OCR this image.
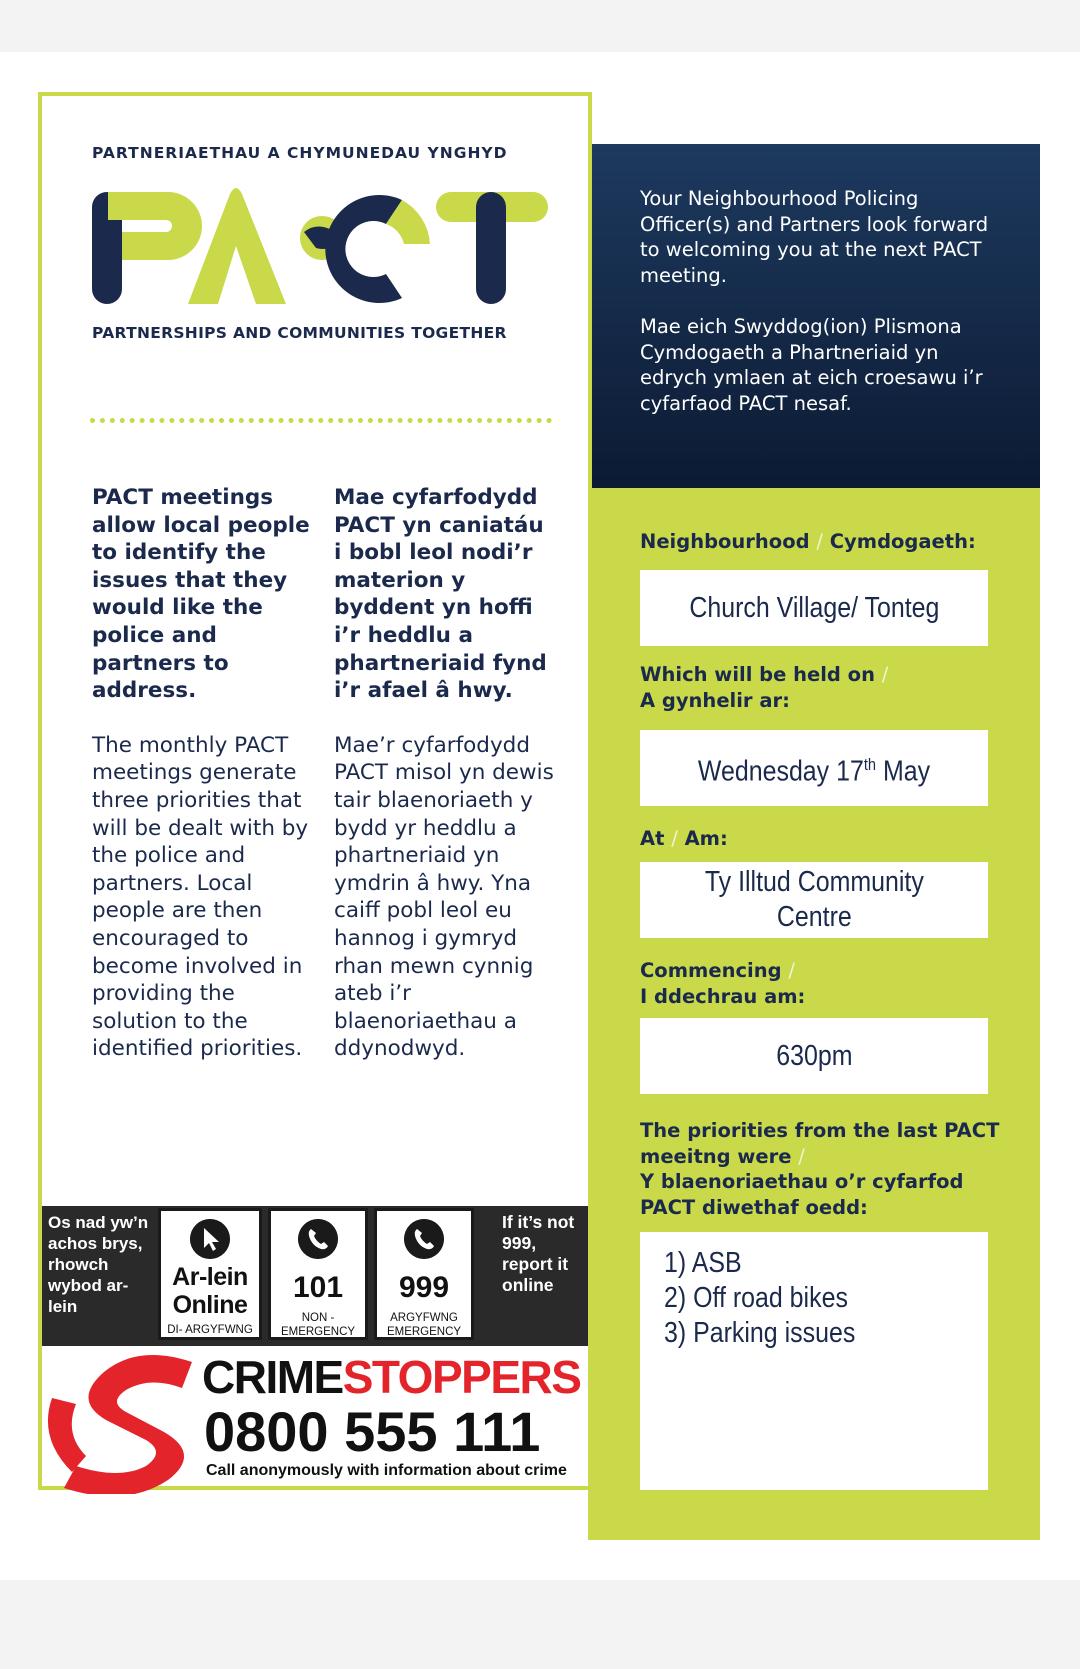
PARTNERIAETHAU A CHYMUNEDAU YNGHYD
PARTNERSHIPS AND COMMUNITIES TOGETHER

PACT meetings allow local people to identify the issues that they would like the police and partners to address.

The monthly PACT meetings generate three priorities that will be dealt with by the police and partners. Local people are then encouraged to become involved in providing the solution to the identified priorities.

Mae cyfarfodydd PACT yn caniatáu i bobl leol nodi’r materion y byddent yn hoffi i’r heddlu a phartneriaid fynd i’r afael â hwy.

Mae’r cyfarfodydd PACT misol yn dewis tair blaenoriaeth y bydd yr heddlu a phartneriaid yn ymdrin â hwy. Yna caiff pobl leol eu hannog i gymryd rhan mewn cynnig ateb i’r blaenoriaethau a ddynodwyd.

Os nad yw’n achos brys, rhowch wybod ar-lein
Ar-lein Online
DI- ARGYFWNG
101
NON - EMERGENCY
999
ARGYFWNG EMERGENCY
If it’s not 999, report it online
CRIMESTOPPERS
0800 555 111
Call anonymously with information about crime

Your Neighbourhood Policing Officer(s) and Partners look forward to welcoming you at the next PACT meeting.

Mae eich Swyddog(ion) Plismona Cymdogaeth a Phartneriaid yn edrych ymlaen at eich croesawu i’r cyfarfaod PACT nesaf.

Neighbourhood / Cymdogaeth:
Church Village/ Tonteg
Which will be held on /
A gynhelir ar:
Wednesday 17th May
At / Am:
Ty Illtud Community
Centre
Commencing /
I ddechrau am:
630pm
The priorities from the last PACT meeitng were /
Y blaenoriaethau o’r cyfarfod PACT diwethaf oedd:
1) ASB
2) Off road bikes
3) Parking issues
